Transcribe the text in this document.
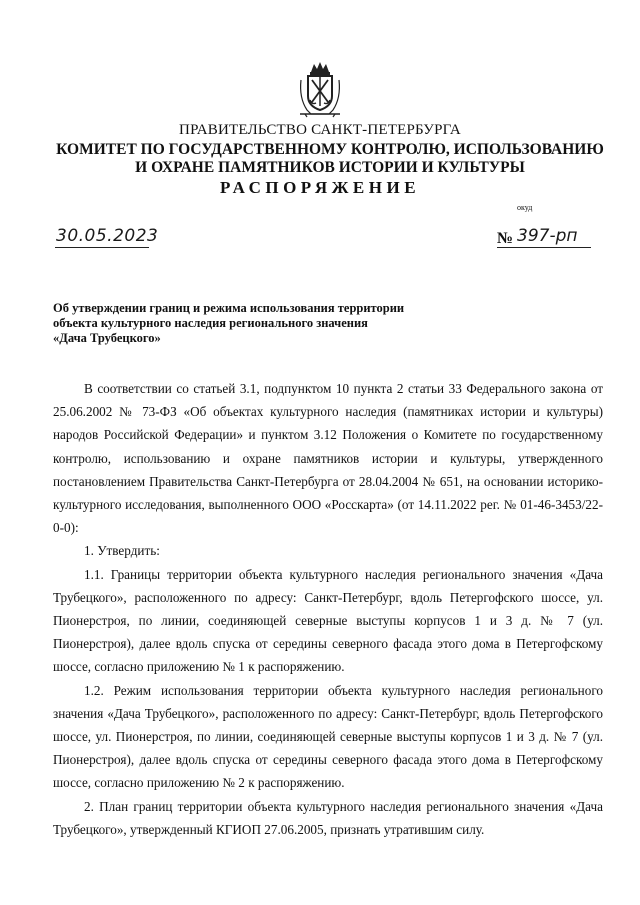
ПРАВИТЕЛЬСТВО САНКТ-ПЕТЕРБУРГА
КОМИТЕТ ПО ГОСУДАРСТВЕННОМУ КОНТРОЛЮ, ИСПОЛЬЗОВАНИЮ
И ОХРАНЕ ПАМЯТНИКОВ ИСТОРИИ И КУЛЬТУРЫ
РАСПОРЯЖЕНИЕ
окуд
30.05.2023	№ 397-рп
Об утверждении границ и режима использования территории
объекта культурного наследия регионального значения
«Дача Трубецкого»

В соответствии со статьей 3.1, подпунктом 10 пункта 2 статьи 33 Федерального закона от 25.06.2002 № 73-ФЗ «Об объектах культурного наследия (памятниках истории и культуры) народов Российской Федерации» и пунктом 3.12 Положения о Комитете по государственному контролю, использованию и охране памятников истории и культуры, утвержденного постановлением Правительства Санкт-Петербурга от 28.04.2004 № 651, на основании историко-культурного исследования, выполненного ООО «Росскарта» (от 14.11.2022 рег. № 01-46-3453/22-0-0):

1. Утвердить:

1.1. Границы территории объекта культурного наследия регионального значения «Дача Трубецкого», расположенного по адресу: Санкт-Петербург, вдоль Петергофского шоссе, ул. Пионерстроя, по линии, соединяющей северные выступы корпусов 1 и 3 д. № 7 (ул. Пионерстроя), далее вдоль спуска от середины северного фасада этого дома в Петергофскому шоссе, согласно приложению № 1 к распоряжению.

1.2. Режим использования территории объекта культурного наследия регионального значения «Дача Трубецкого», расположенного по адресу: Санкт-Петербург, вдоль Петергофского шоссе, ул. Пионерстроя, по линии, соединяющей северные выступы корпусов 1 и 3 д. № 7 (ул. Пионерстроя), далее вдоль спуска от середины северного фасада этого дома в Петергофскому шоссе, согласно приложению № 2 к распоряжению.

2. План границ территории объекта культурного наследия регионального значения «Дача Трубецкого», утвержденный КГИОП 27.06.2005, признать утратившим силу.
